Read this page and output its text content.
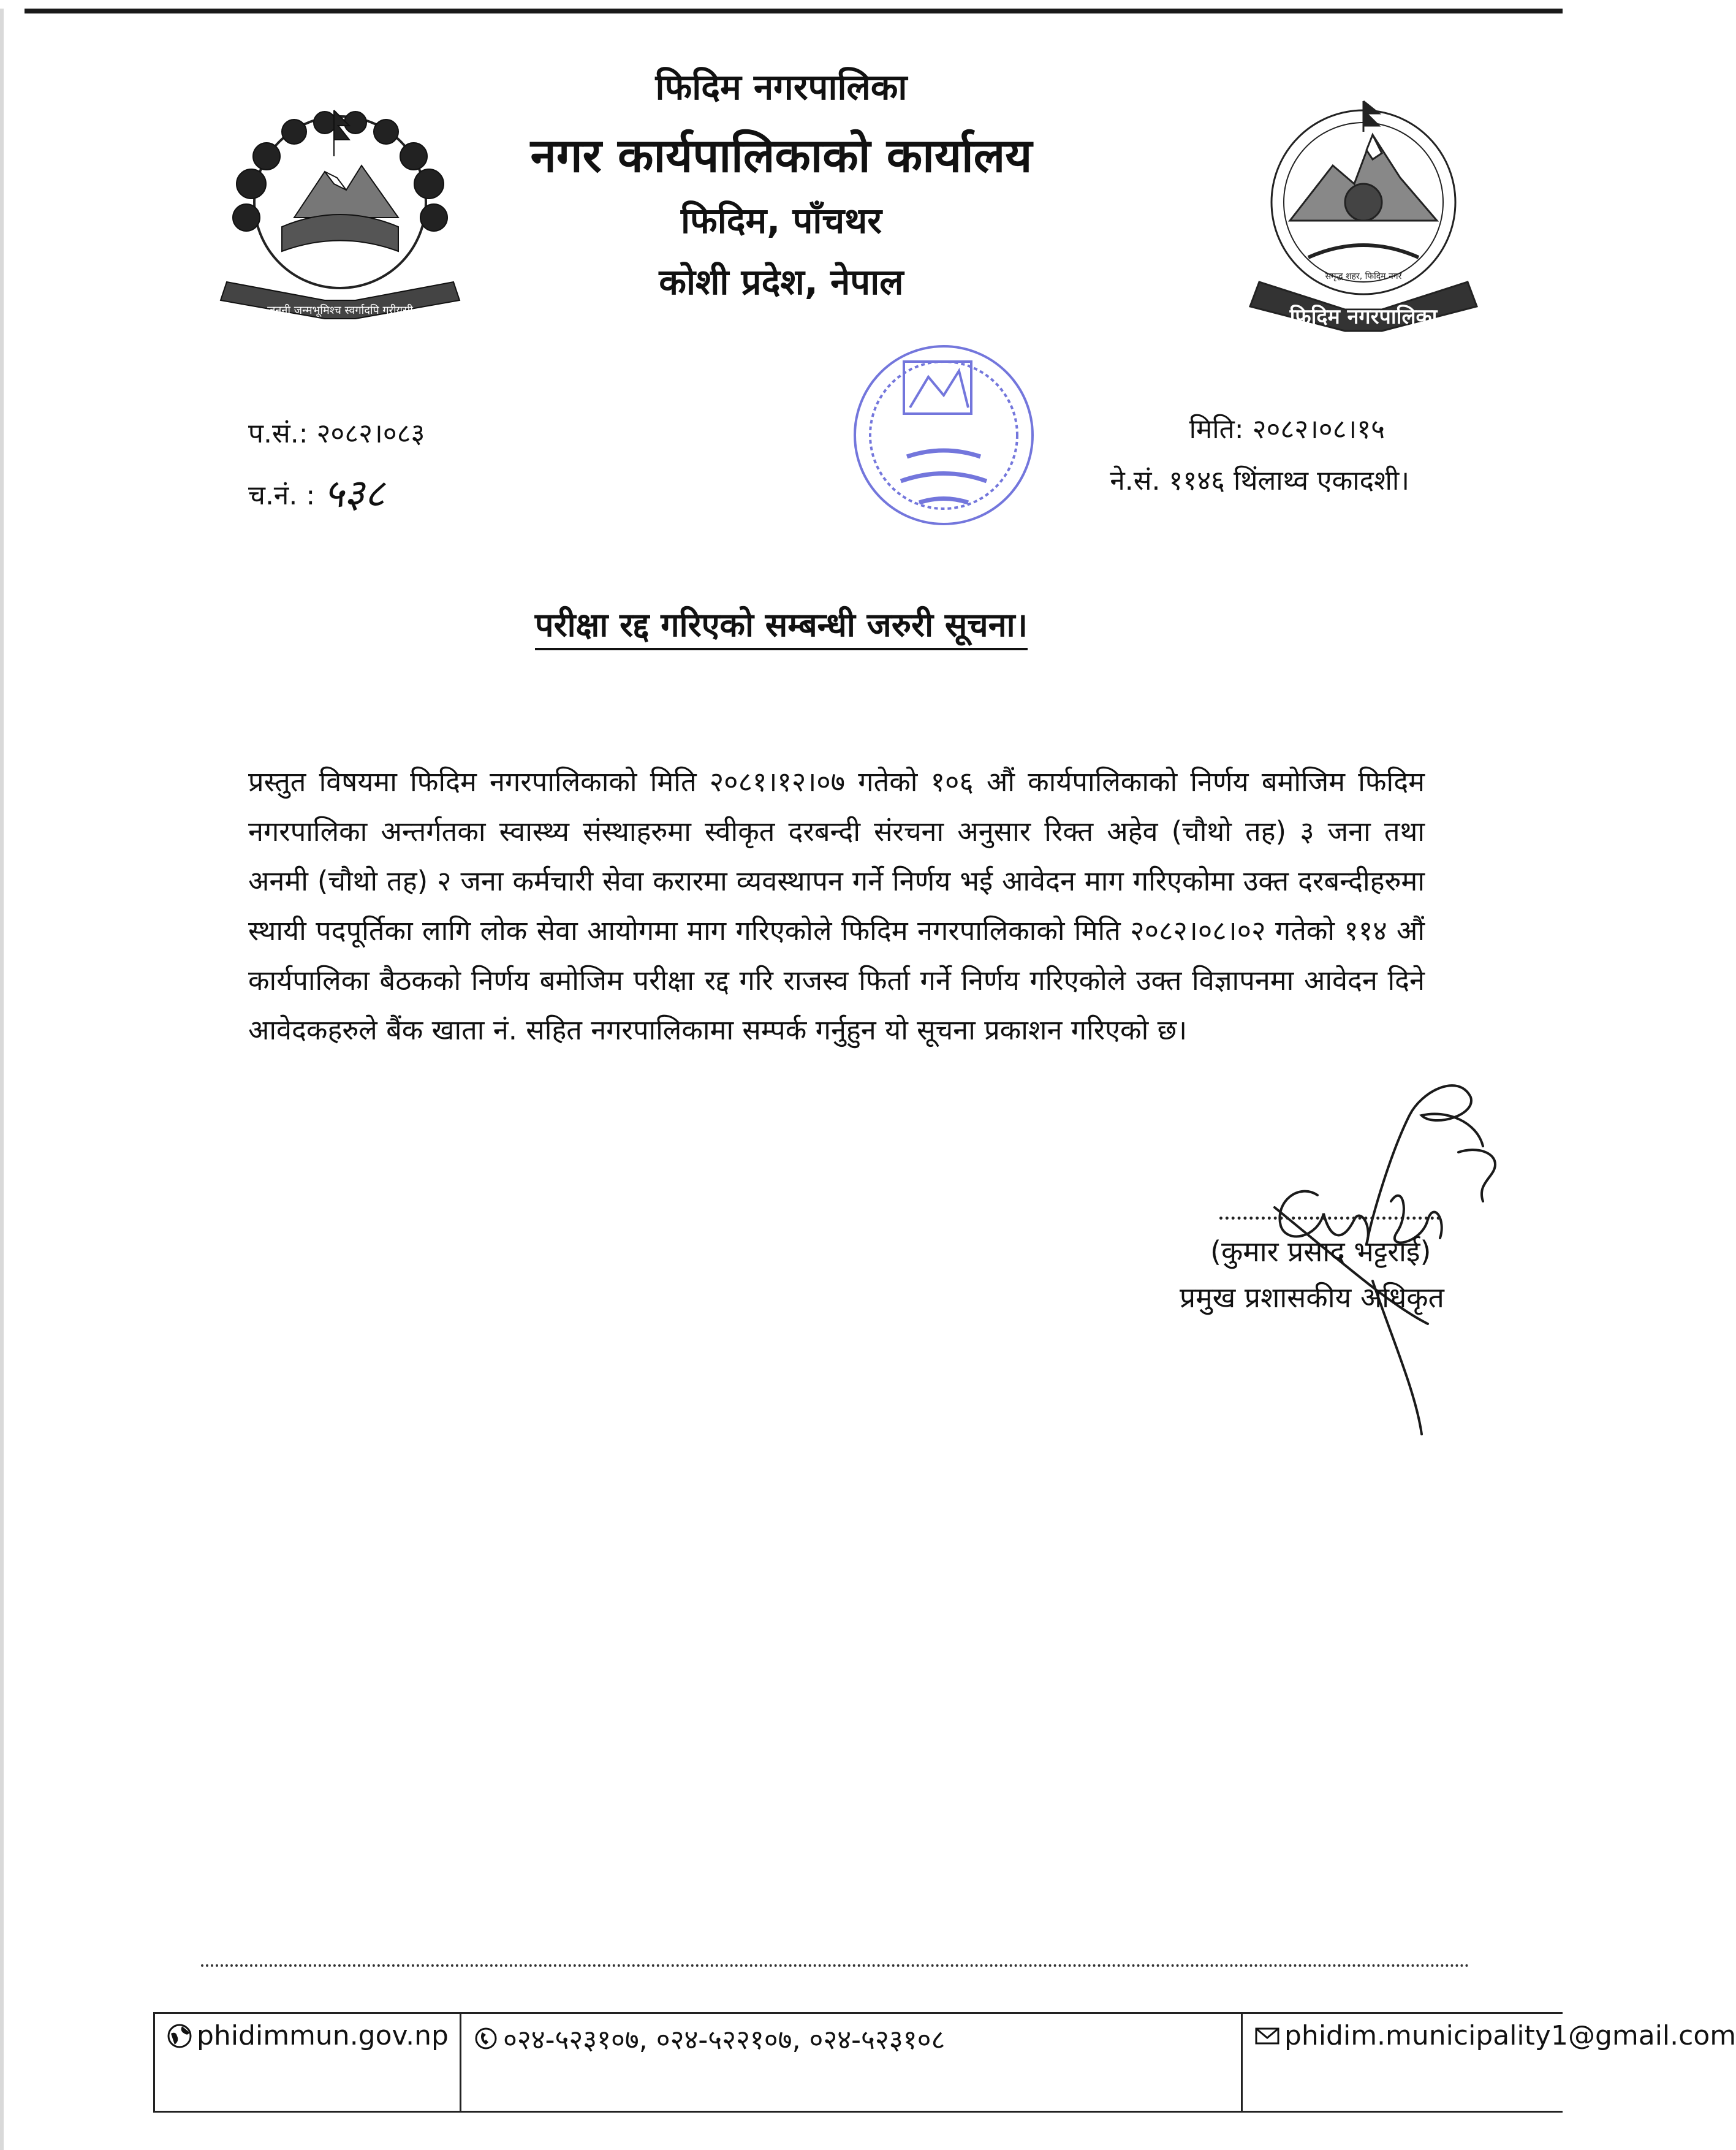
जननी जन्मभूमिश्च स्वर्गादपि गरीयसी
समृद्ध शहर, फिदिम नगर
फिदिम नगरपालिका
फिदिम नगरपालिका
नगर कार्यपालिकाको कार्यालय
फिदिम, पाँचथर
कोशी प्रदेश, नेपाल
प.सं.: २०८२।०८३
च.नं. : ५३८
मिति: २०८२।०८।१५
ने.सं. ११४६ थिंलाथ्व एकादशी।
परीक्षा रद्द गरिएको सम्बन्धी जरुरी सूचना।
प्रस्तुत विषयमा फिदिम नगरपालिकाको मिति २०८१।१२।०७ गतेको १०६ औं कार्यपालिकाको निर्णय बमोजिम फिदिम नगरपालिका अन्तर्गतका स्वास्थ्य संस्थाहरुमा स्वीकृत दरबन्दी संरचना अनुसार रिक्त अहेव (चौथो तह) ३ जना तथा अनमी (चौथो तह) २ जना कर्मचारी सेवा करारमा व्यवस्थापन गर्ने निर्णय भई आवेदन माग गरिएकोमा उक्त दरबन्दीहरुमा स्थायी पदपूर्तिका लागि लोक सेवा आयोगमा माग गरिएकोले फिदिम नगरपालिकाको मिति २०८२।०८।०२ गतेको ११४ औं कार्यपालिका बैठकको निर्णय बमोजिम परीक्षा रद्द गरि राजस्व फिर्ता गर्ने निर्णय गरिएकोले उक्त विज्ञापनमा आवेदन दिने आवेदकहरुले बैंक खाता नं. सहित नगरपालिकामा सम्पर्क गर्नुहुन यो सूचना प्रकाशन गरिएको छ।
(कुमार प्रसाद भट्टराई)
प्रमुख प्रशासकीय अधिकृत
phidimmun.gov.np ०२४-५२३१०७, ०२४-५२२१०७, ०२४-५२३१०८	phidim.municipality1@gmail.com
